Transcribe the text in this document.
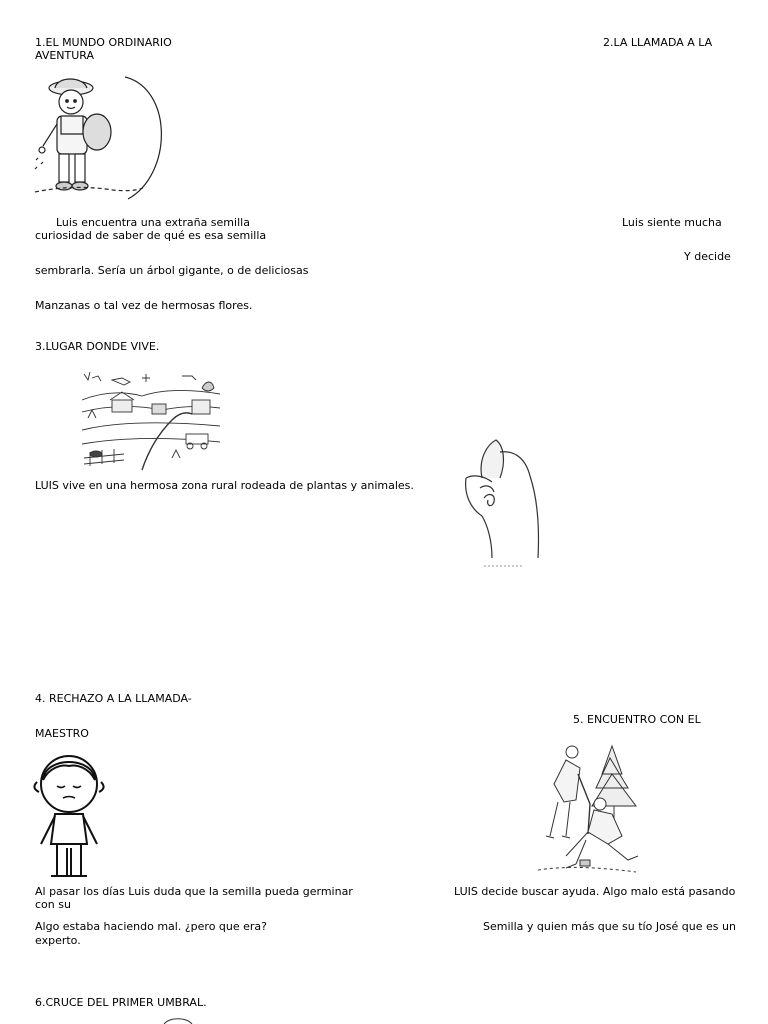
1.EL MUNDO ORDINARIO

AVENTURA

2.LA LLAMADA A LA

Luis encuentra una extraña semilla	Luis siente mucha

curiosidad de saber de qué es esa semilla

Y decide

sembrarla. Sería un árbol gigante, o de deliciosas

Manzanas o tal vez de hermosas flores.

3.LUGAR DONDE VIVE.

LUIS vive en una hermosa zona rural rodeada de plantas y animales.

4. RECHAZO A LA LLAMADA-

5. ENCUENTRO CON EL

MAESTRO

Al pasar los días Luis duda que la semilla pueda germinar	LUIS decide buscar ayuda. Algo malo está pasando

con su

Algo estaba haciendo mal. ¿pero que era?	Semilla y quien más que su tío José que es un

experto.

6.CRUCE DEL PRIMER UMBRAL.
